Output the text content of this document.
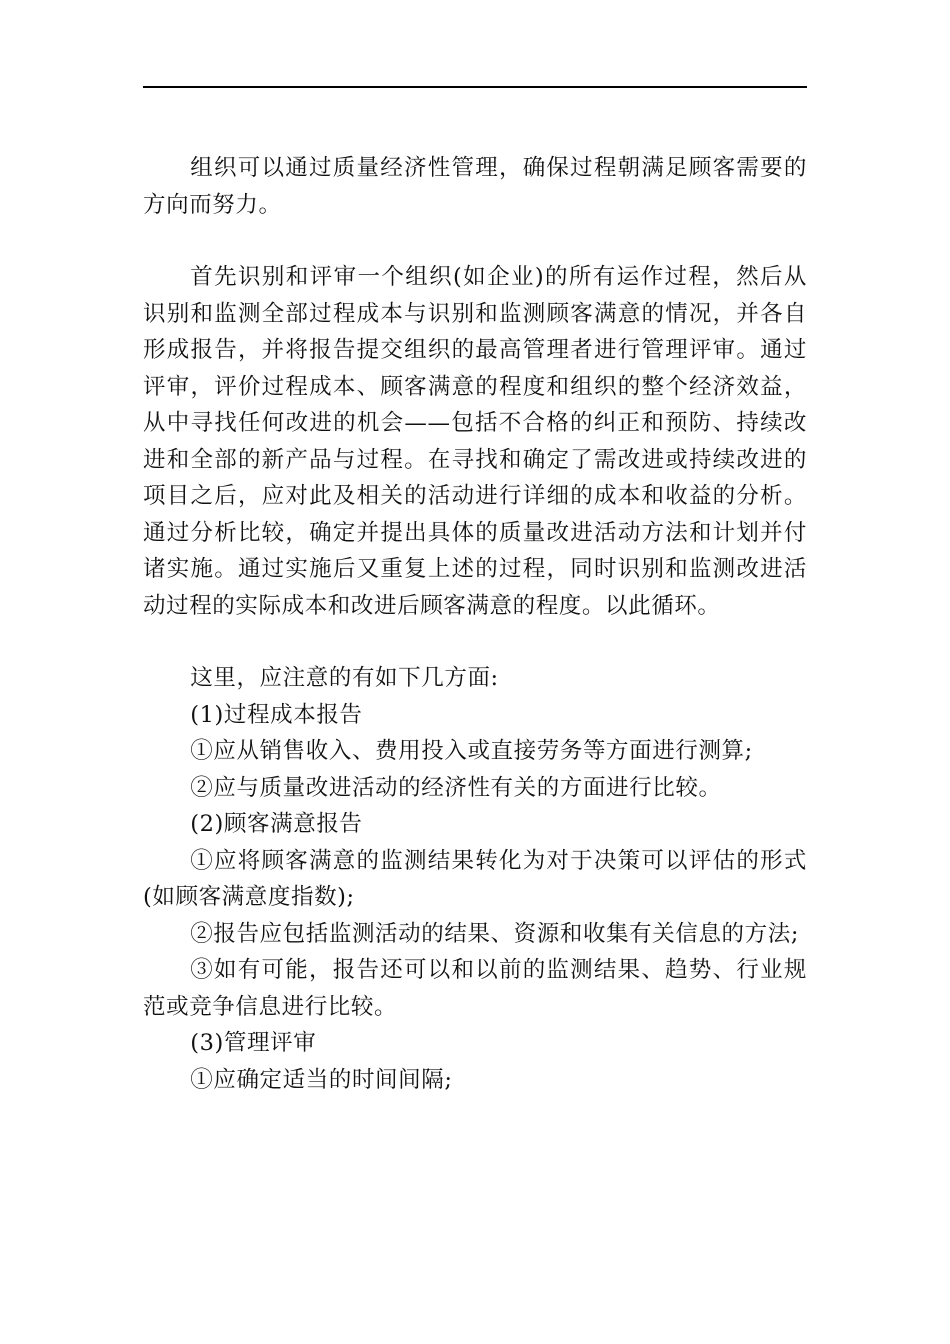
组织可以通过质量经济性管理，确保过程朝满足顾客需要的方向而努力。

首先识别和评审一个组织(如企业)的所有运作过程，然后从识别和监测全部过程成本与识别和监测顾客满意的情况，并各自形成报告，并将报告提交组织的最高管理者进行管理评审。通过评审，评价过程成本、顾客满意的程度和组织的整个经济效益，从中寻找任何改进的机会——包括不合格的纠正和预防、持续改进和全部的新产品与过程。在寻找和确定了需改进或持续改进的项目之后，应对此及相关的活动进行详细的成本和收益的分析。通过分析比较，确定并提出具体的质量改进活动方法和计划并付诸实施。通过实施后又重复上述的过程，同时识别和监测改进活动过程的实际成本和改进后顾客满意的程度。以此循环。

这里，应注意的有如下几方面:

(1)过程成本报告

①应从销售收入、费用投入或直接劳务等方面进行测算;

②应与质量改进活动的经济性有关的方面进行比较。

(2)顾客满意报告

①应将顾客满意的监测结果转化为对于决策可以评估的形式(如顾客满意度指数);

②报告应包括监测活动的结果、资源和收集有关信息的方法;

③如有可能，报告还可以和以前的监测结果、趋势、行业规范或竞争信息进行比较。

(3)管理评审

①应确定适当的时间间隔;
